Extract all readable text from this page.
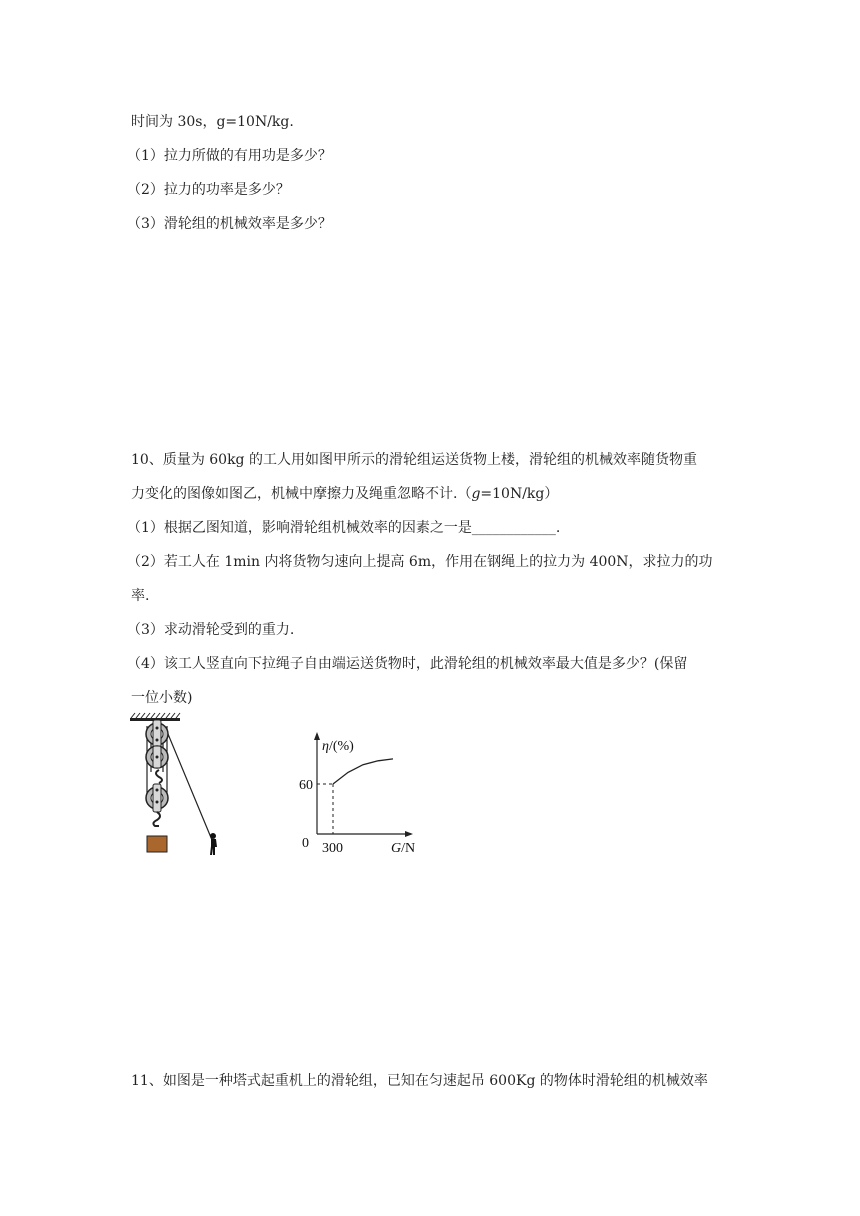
时间为 30s，g=10N/kg.
（1）拉力所做的有用功是多少？
（2）拉力的功率是多少？
（3）滑轮组的机械效率是多少？
10、质量为 60kg 的工人用如图甲所示的滑轮组运送货物上楼，滑轮组的机械效率随货物重
力变化的图像如图乙，机械中摩擦力及绳重忽略不计.（g=10N/kg）
（1）根据乙图知道，影响滑轮组机械效率的因素之一是____________.
（2）若工人在 1min 内将货物匀速向上提高 6m，作用在钢绳上的拉力为 400N，求拉力的功
率.
（3）求动滑轮受到的重力.
（4）该工人竖直向下拉绳子自由端运送货物时，此滑轮组的机械效率最大值是多少？(保留
一位小数)
η/(%)
60
0 300	G/N
11、如图是一种塔式起重机上的滑轮组，已知在匀速起吊 600Kg 的物体时滑轮组的机械效率
